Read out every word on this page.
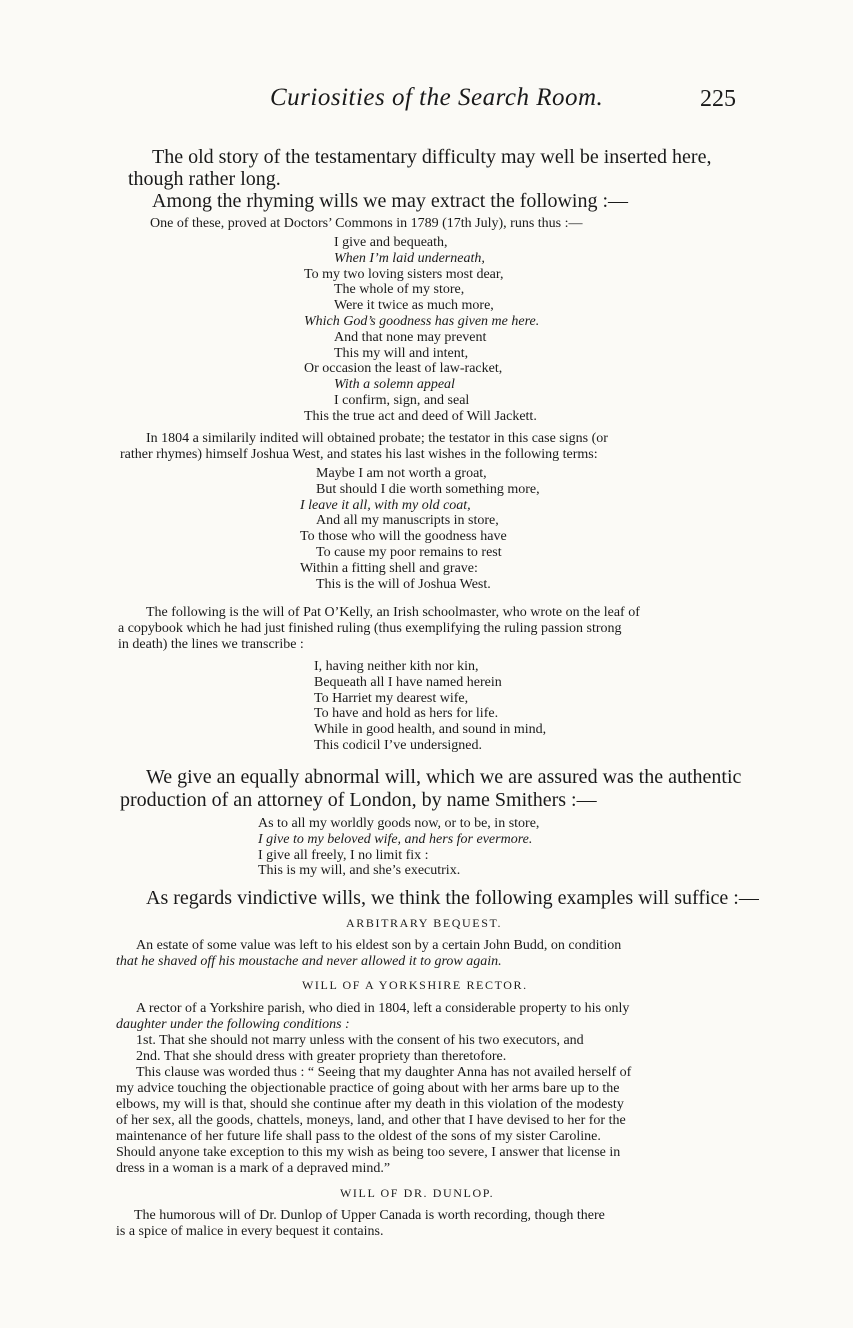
Curiosities of the Search Room.	225
The old story of the testamentary difficulty may well be inserted here,
though rather long.
Among the rhyming wills we may extract the following :—
One of these, proved at Doctors’ Commons in 1789 (17th July), runs thus :—
I give and bequeath,
When I’m laid underneath,
To my two loving sisters most dear,
The whole of my store,
Were it twice as much more,
Which God’s goodness has given me here.
And that none may prevent
This my will and intent,
Or occasion the least of law-racket,
With a solemn appeal
I confirm, sign, and seal
This the true act and deed of Will Jackett.
In 1804 a similarily indited will obtained probate; the testator in this case signs (or
rather rhymes) himself Joshua West, and states his last wishes in the following terms:
Maybe I am not worth a groat,
But should I die worth something more,
I leave it all, with my old coat,
And all my manuscripts in store,
To those who will the goodness have
To cause my poor remains to rest
Within a fitting shell and grave:
This is the will of Joshua West.
The following is the will of Pat O’Kelly, an Irish schoolmaster, who wrote on the leaf of
a copybook which he had just finished ruling (thus exemplifying the ruling passion strong
in death) the lines we transcribe :
I, having neither kith nor kin,
Bequeath all I have named herein
To Harriet my dearest wife,
To have and hold as hers for life.
While in good health, and sound in mind,
This codicil I’ve undersigned.
We give an equally abnormal will, which we are assured was the authentic
production of an attorney of London, by name Smithers :—
As to all my worldly goods now, or to be, in store,
I give to my beloved wife, and hers for evermore.
I give all freely, I no limit fix :
This is my will, and she’s executrix.
As regards vindictive wills, we think the following examples will suffice :—
ARBITRARY BEQUEST.
An estate of some value was left to his eldest son by a certain John Budd, on condition
that he shaved off his moustache and never allowed it to grow again.
WILL OF A YORKSHIRE RECTOR.
A rector of a Yorkshire parish, who died in 1804, left a considerable property to his only
daughter under the following conditions :
1st. That she should not marry unless with the consent of his two executors, and
2nd. That she should dress with greater propriety than theretofore.
This clause was worded thus : “ Seeing that my daughter Anna has not availed herself of
my advice touching the objectionable practice of going about with her arms bare up to the
elbows, my will is that, should she continue after my death in this violation of the modesty
of her sex, all the goods, chattels, moneys, land, and other that I have devised to her for the
maintenance of her future life shall pass to the oldest of the sons of my sister Caroline.
Should anyone take exception to this my wish as being too severe, I answer that license in
dress in a woman is a mark of a depraved mind.”
WILL OF DR. DUNLOP.
The humorous will of Dr. Dunlop of Upper Canada is worth recording, though there
is a spice of malice in every bequest it contains.
